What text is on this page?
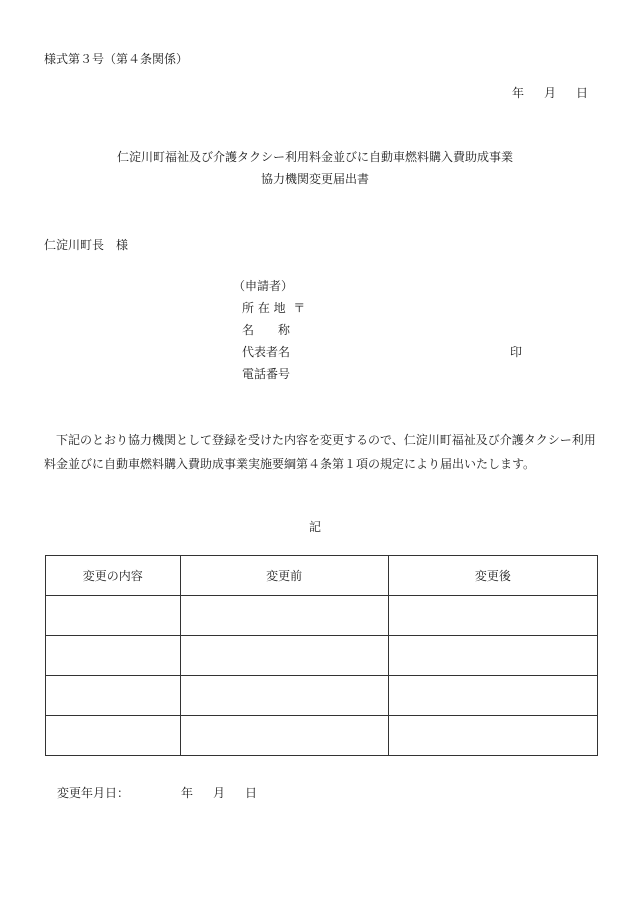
様式第３号（第４条関係）
年 月 日
仁淀川町福祉及び介護タクシー利用料金並びに自動車燃料購入費助成事業
協力機関変更届出書
仁淀川町長　様
（申請者）
所 在 地 〒
名　　称
代表者名	印
電話番号
下記のとおり協力機関として登録を受けた内容を変更するので、仁淀川町福祉及び介護タクシー利用料金並びに自動車燃料購入費助成事業実施要綱第４条第１項の規定により届出いたします。
記
変更の内容	変更前	変更後

変更年月日：	年 月 日
